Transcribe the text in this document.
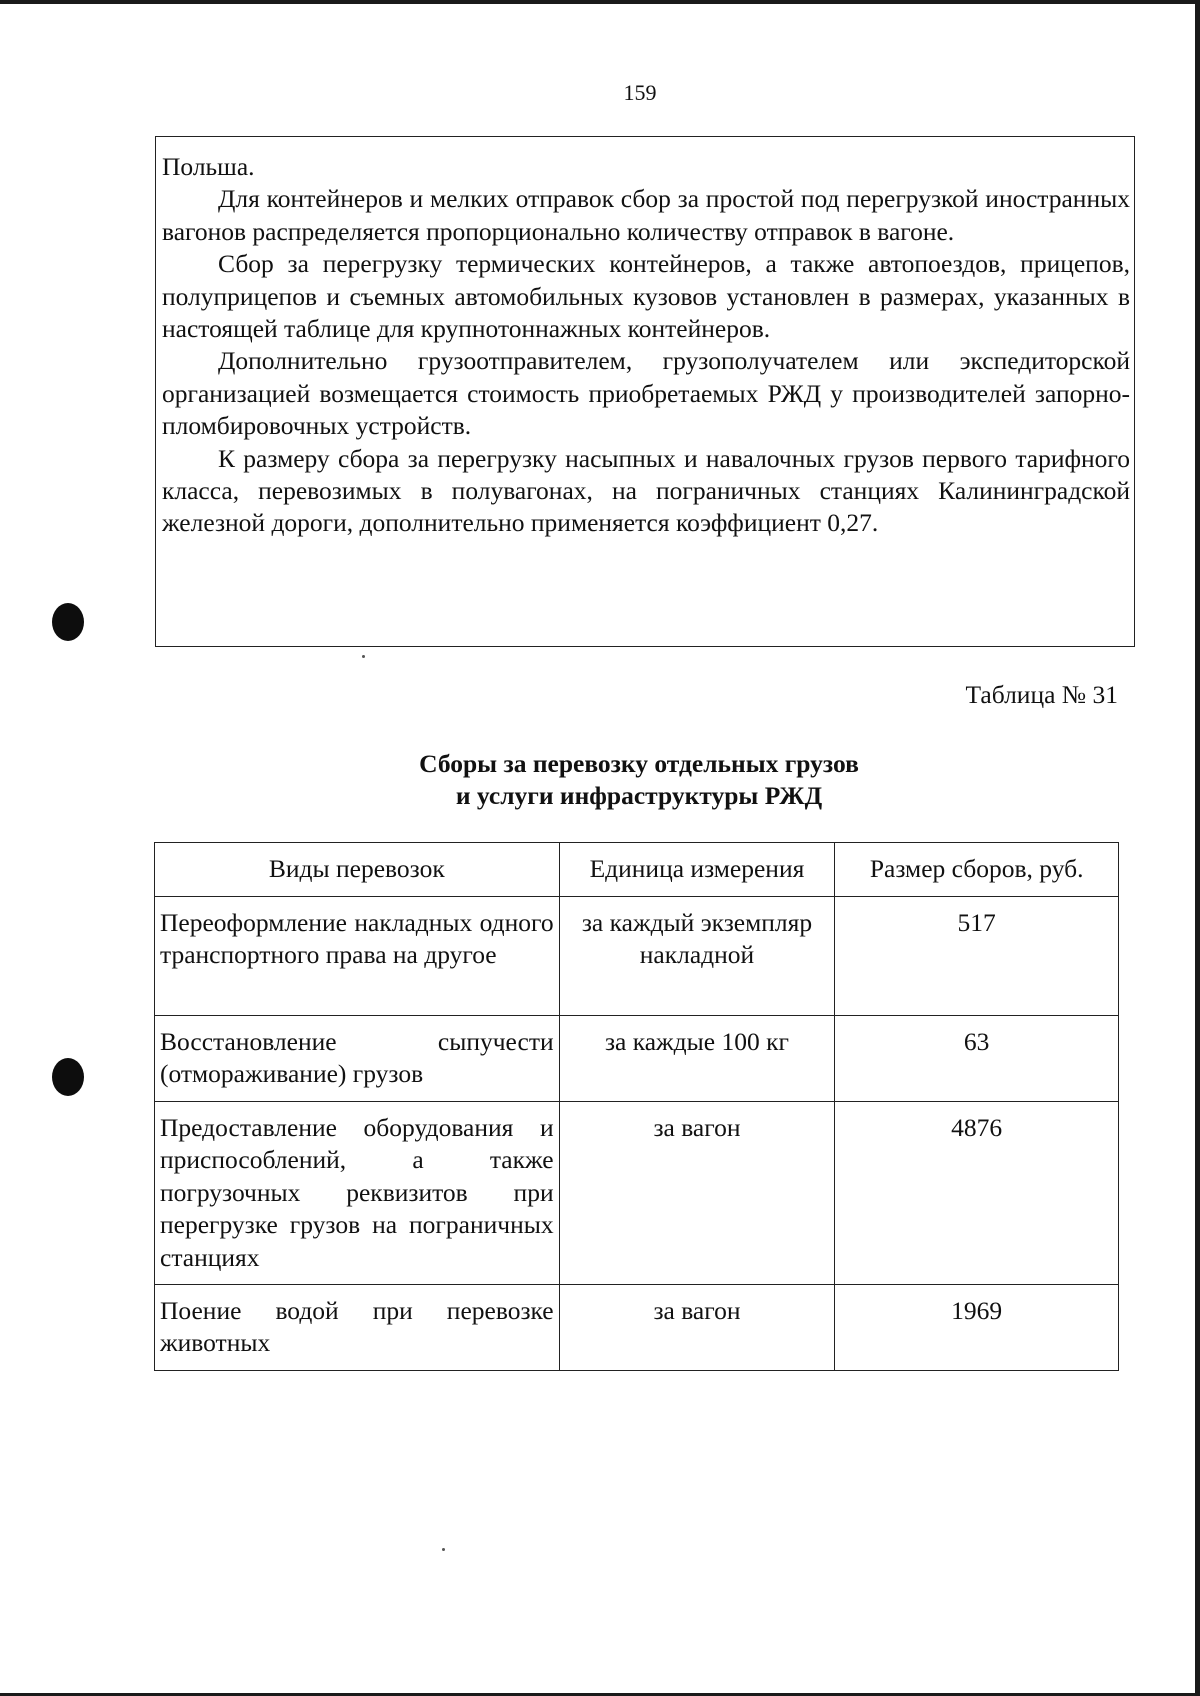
159

Польша.

Для контейнеров и мелких отправок сбор за простой под перегрузкой иностранных вагонов распределяется пропорционально количеству отправок в вагоне.

Сбор за перегрузку термических контейнеров, а также автопоездов, прицепов, полуприцепов и съемных автомобильных кузовов установлен в размерах, указанных в настоящей таблице для крупнотоннажных контейнеров.

Дополнительно грузоотправителем, грузополучателем или экспедиторской организацией возмещается стоимость приобретаемых РЖД у производителей запорно-пломбировочных устройств.

К размеру сбора за перегрузку насыпных и навалочных грузов первого тарифного класса, перевозимых в полувагонах, на пограничных станциях Калининградской железной дороги, дополнительно применяется коэффициент 0,27.

Таблица № 31
Сборы за перевозку отдельных грузов
и услуги инфраструктуры РЖД
Виды перевозок	Единица измерения	Размер сборов, руб.
Переоформление накладных одного транспортного права на другое	за каждый экземпляр накладной	517
Восстановление сыпучести (отмораживание) грузов	за каждые 100 кг	63
Предоставление оборудования и приспособлений, а также погрузочных реквизитов при перегрузке грузов на пограничных станциях	за вагон	4876
Поение водой при перевозке животных	за вагон	1969
